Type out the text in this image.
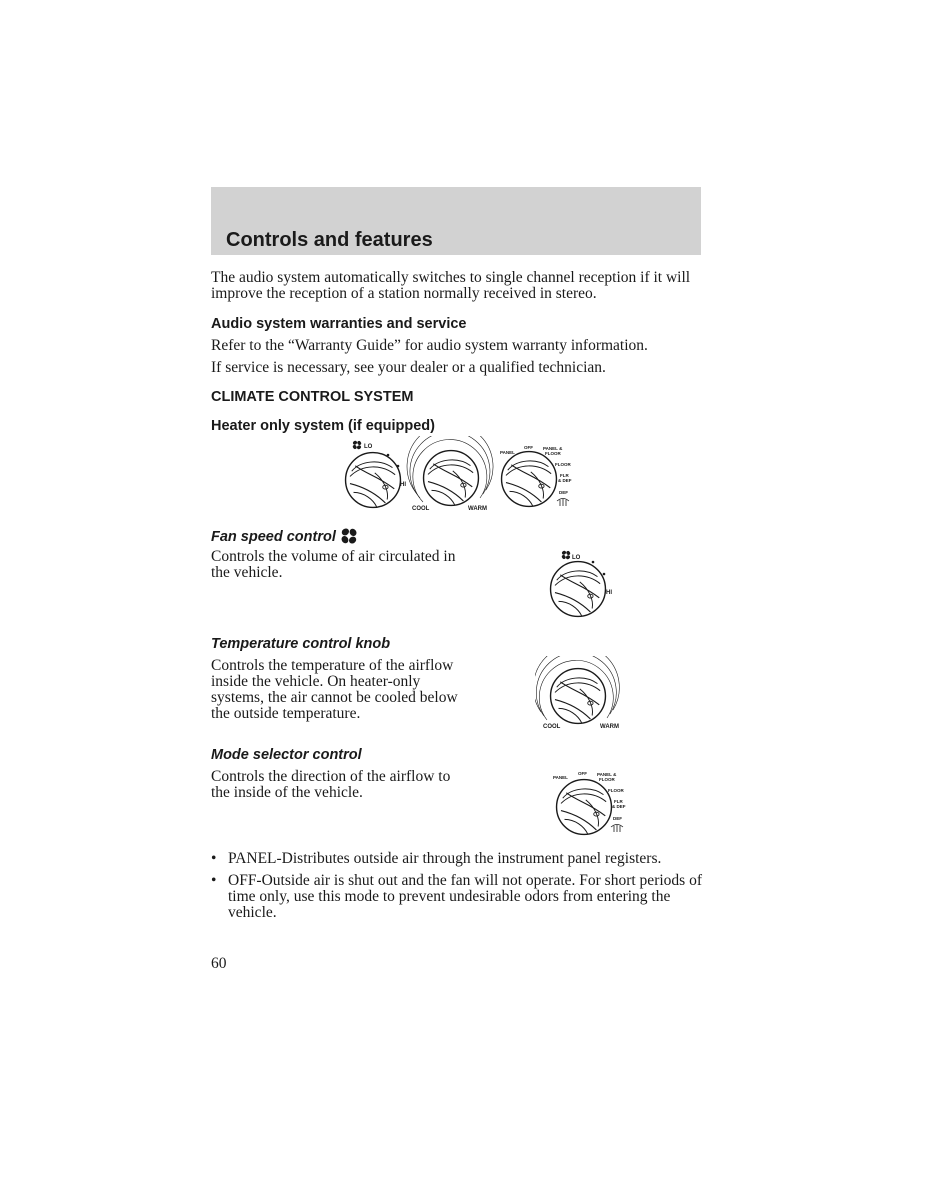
Controls and features
The audio system automatically switches to single channel reception if it will improve the reception of a station normally received in stereo.
Audio system warranties and service
Refer to the “Warranty Guide” for audio system warranty information.
If service is necessary, see your dealer or a qualified technician.
CLIMATE CONTROL SYSTEM
Heater only system (if equipped)
LO
HI
COOL	WARM
PANEL
OFF PANEL &
FLOOR
FLOOR
FLR
& DEF
DEF
Fan speed control
Controls the volume of air circulated in the vehicle.
LO
HI
Temperature control knob
Controls the temperature of the airflow inside the vehicle. On heater-only systems, the air cannot be cooled below the outside temperature.
COOL	WARM
Mode selector control
Controls the direction of the airflow to the inside of the vehicle.
PANEL
OFF PANEL &
FLOOR
FLOOR
FLR
& DEF
DEF
• PANEL-Distributes outside air through the instrument panel registers.
• OFF-Outside air is shut out and the fan will not operate. For short periods of time only, use this mode to prevent undesirable odors from entering the vehicle.
60
